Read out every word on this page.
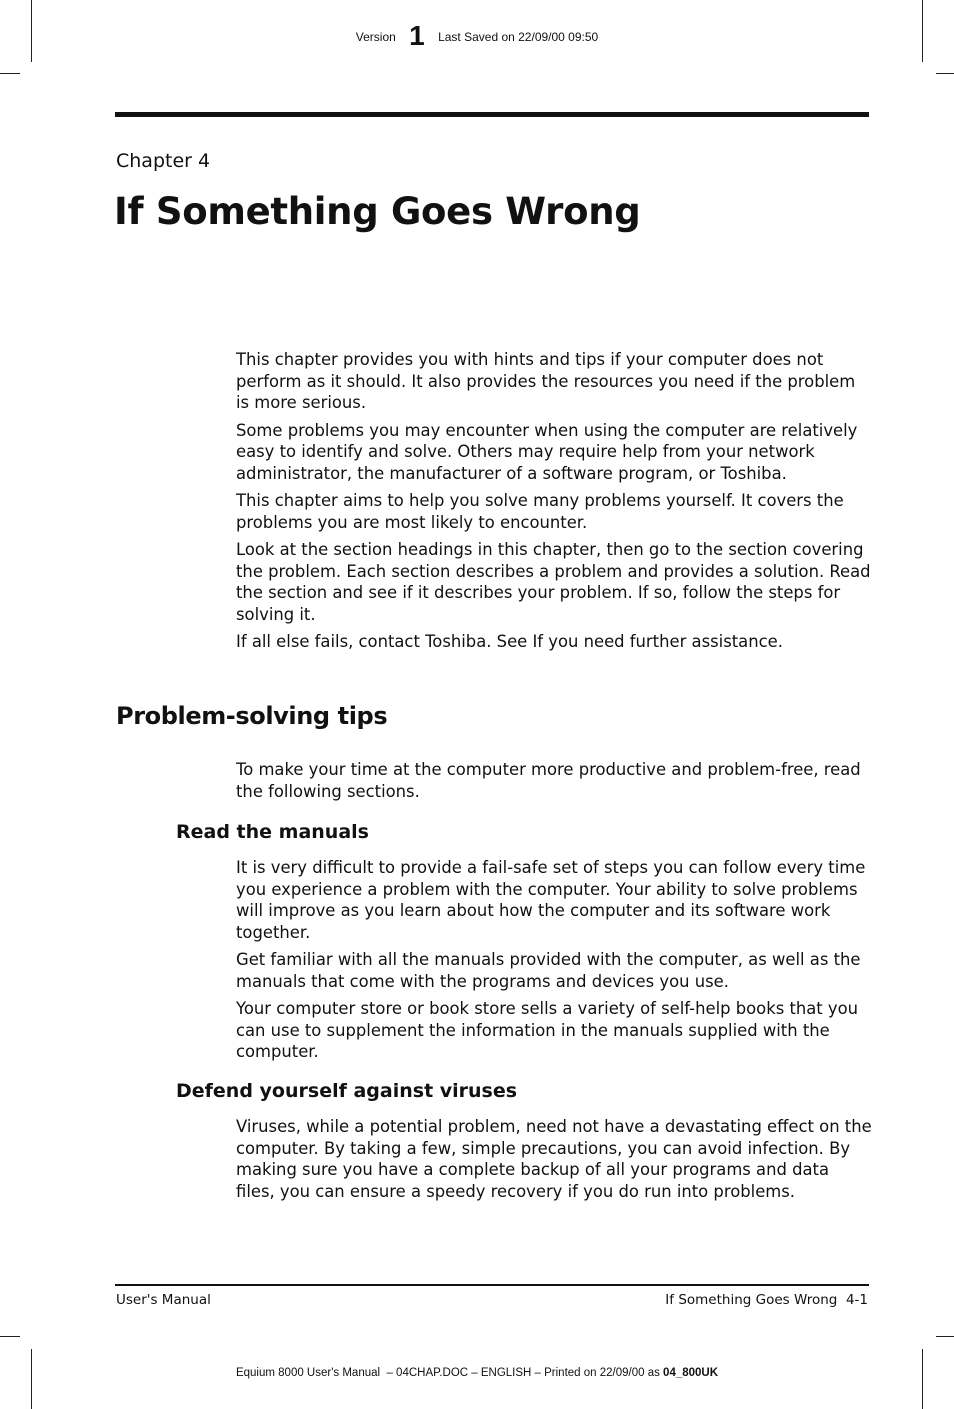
Version 1 Last Saved on 22/09/00 09:50
Chapter 4
If Something Goes Wrong

This chapter provides you with hints and tips if your computer does not perform as it should. It also provides the resources you need if the problem is more serious.

Some problems you may encounter when using the computer are relatively easy to identify and solve. Others may require help from your network administrator, the manufacturer of a software program, or Toshiba.

This chapter aims to help you solve many problems yourself. It covers the problems you are most likely to encounter.

Look at the section headings in this chapter, then go to the section covering the problem. Each section describes a problem and provides a solution. Read the section and see if it describes your problem. If so, follow the steps for solving it.

If all else fails, contact Toshiba. See If you need further assistance.

Problem-solving tips

To make your time at the computer more productive and problem-free, read the following sections.

Read the manuals

It is very difficult to provide a fail-safe set of steps you can follow every time you experience a problem with the computer. Your ability to solve problems will improve as you learn about how the computer and its software work together.

Get familiar with all the manuals provided with the computer, as well as the manuals that come with the programs and devices you use.

Your computer store or book store sells a variety of self-help books that you can use to supplement the information in the manuals supplied with the computer.

Defend yourself against viruses

Viruses, while a potential problem, need not have a devastating effect on the computer. By taking a few, simple precautions, you can avoid infection. By making sure you have a complete backup of all your programs and data files, you can ensure a speedy recovery if you do run into problems.

User's Manual	If Something Goes Wrong  4-1
Equium 8000 User's Manual  – 04CHAP.DOC – ENGLISH – Printed on 22/09/00 as 04_800UK
